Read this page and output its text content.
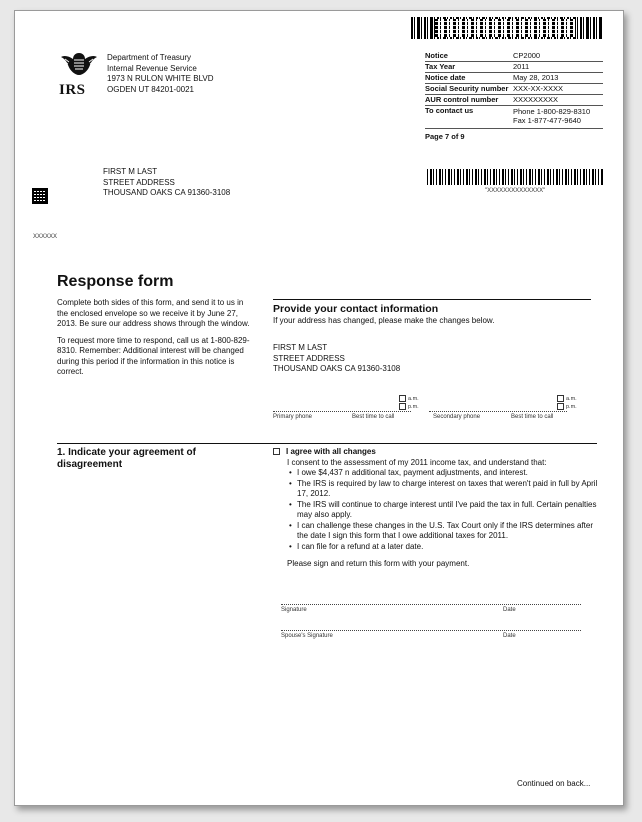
IRS
Department of Treasury
Internal Revenue Service
1973 N RULON WHITE BLVD
OGDEN UT 84201-0021
Notice	CP2000
Tax Year	2011
Notice date	May 28, 2013
Social Security number XXX-XX-XXXX
AUR control number	XXXXXXXXX
To contact us	Phone 1-800-829-8310
Fax 1-877-477-9640
Page 7 of 9
"XXXXXXXXXXXXXX"
FIRST M LAST
STREET ADDRESS
THOUSAND OAKS CA 91360-3108
XXXXXX
Response form
Complete both sides of this form, and send it to us in the enclosed envelope so we receive it by June 27, 2013. Be sure our address shows through the window.
To request more time to respond, call us at 1-800-829-8310. Remember: Additional interest will be changed during this period if the information in this notice is correct.
Provide your contact information
If your address has changed, please make the changes below.
FIRST M LAST
STREET ADDRESS
THOUSAND OAKS CA 91360-3108
a.m.
p.m.
a.m.
p.m.
Primary phone	Best time to call	Secondary phone	Best time to call
1. Indicate your agreement of disagreement
I agree with all changes
I consent to the assessment of my 2011 income tax, and understand that:
• I owe $4,437 n additional tax, payment adjustments, and interest.
• The IRS is required by law to charge interest on taxes that weren't paid in full by April 17, 2012.
• The IRS will continue to charge interest until I've paid the tax in full. Certain penalties may also apply.
• I can challenge these changes in the U.S. Tax Court only if the IRS determines after the date I sign this form that I owe additional taxes for 2011.
• I can file for a refund at a later date.
Please sign and return this form with your payment.
Signature	Date
Spouse's Signature	Date
Continued on back...
